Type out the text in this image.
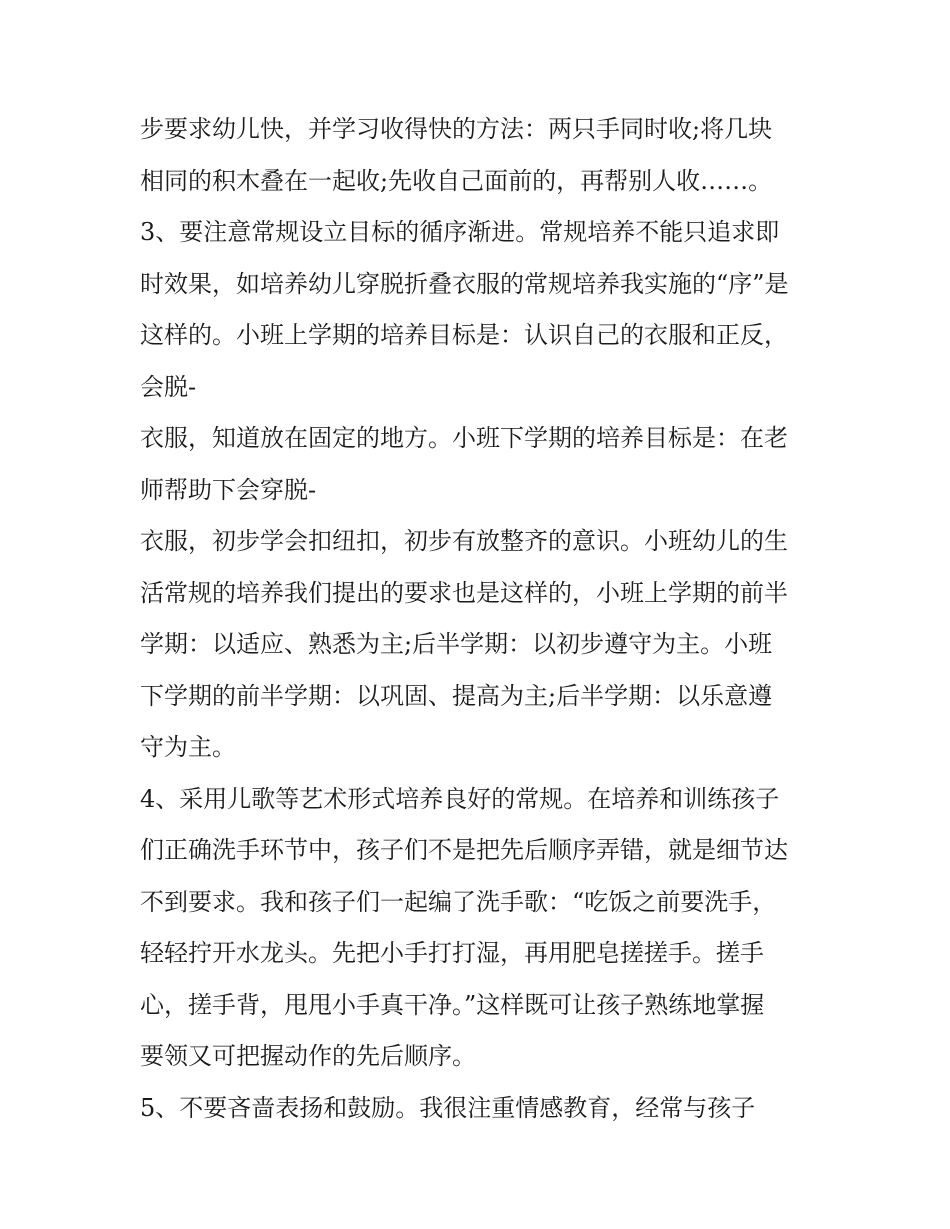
步要求幼儿快，并学习收得快的方法：两只手同时收;将几块
相同的积木叠在一起收;先收自己面前的，再帮别人收……。
3、要注意常规设立目标的循序渐进。常规培养不能只追求即
时效果，如培养幼儿穿脱折叠衣服的常规培养我实施的“序”是
这样的。小班上学期的培养目标是：认识自己的衣服和正反，
会脱-
衣服，知道放在固定的地方。小班下学期的培养目标是：在老
师帮助下会穿脱-
衣服，初步学会扣纽扣，初步有放整齐的意识。小班幼儿的生
活常规的培养我们提出的要求也是这样的，小班上学期的前半
学期：以适应、熟悉为主;后半学期：以初步遵守为主。小班
下学期的前半学期：以巩固、提高为主;后半学期：以乐意遵
守为主。
4、采用儿歌等艺术形式培养良好的常规。在培养和训练孩子
们正确洗手环节中，孩子们不是把先后顺序弄错，就是细节达
不到要求。我和孩子们一起编了洗手歌：“吃饭之前要洗手，
轻轻拧开水龙头。先把小手打打湿，再用肥皂搓搓手。搓手
心，搓手背，甩甩小手真干净。”这样既可让孩子熟练地掌握
要领又可把握动作的先后顺序。
5、不要吝啬表扬和鼓励。我很注重情感教育，经常与孩子
